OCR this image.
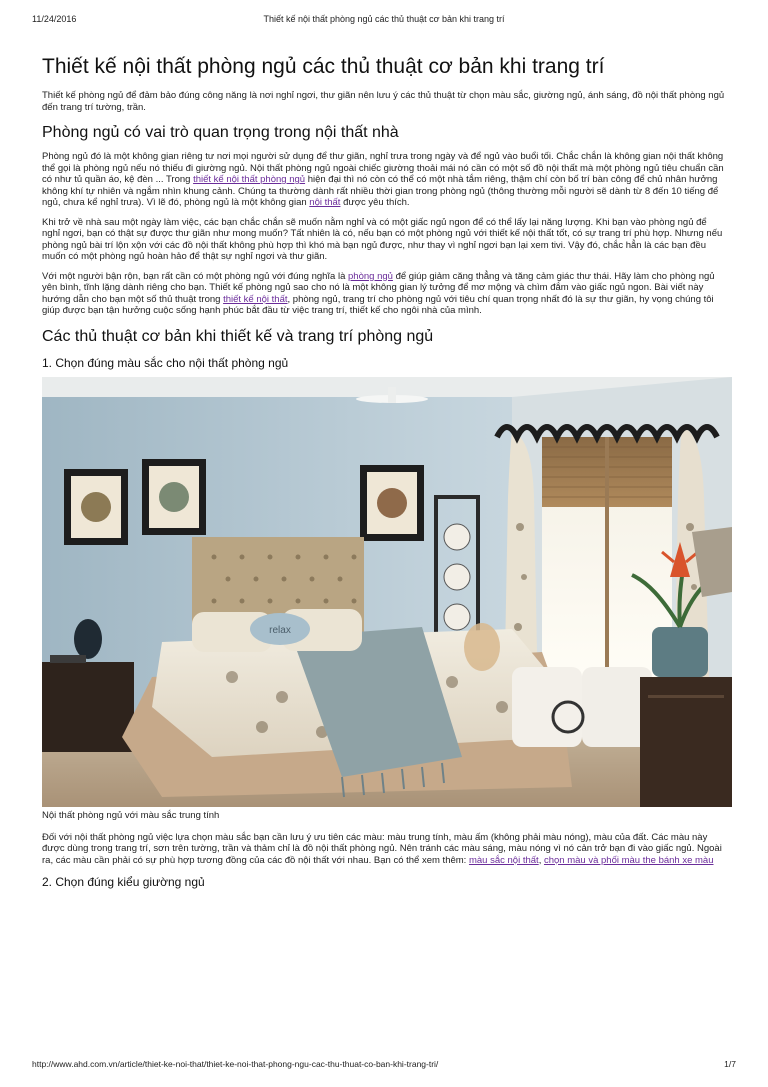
11/24/2016	Thiết kế nội thất phòng ngủ các thủ thuật cơ bản khi trang trí
Thiết kế nội thất phòng ngủ các thủ thuật cơ bản khi trang trí

Thiết kế phòng ngủ để đảm bảo đúng công năng là nơi nghỉ ngơi, thư giãn nên lưu ý các thủ thuật từ chọn màu sắc, giường ngủ, ánh sáng, đồ nội thất phòng ngủ đến trang trí tường, trần.

Phòng ngủ có vai trò quan trọng trong nội thất nhà

Phòng ngủ đó là một không gian riêng tư nơi mọi người sử dụng để thư giãn, nghỉ trưa trong ngày và để ngủ vào buổi tối. Chắc chắn là không gian nội thất không thể gọi là phòng ngủ nếu nó thiếu đi giường ngủ. Nội thất phòng ngủ ngoài chiếc giường thoải mái nó cần có một số đồ nội thất mà một phòng ngủ tiêu chuẩn cần có như tủ quần áo, kệ đèn ... Trong thiết kế nội thất phòng ngủ hiện đại thì nó còn có thể có một nhà tắm riêng, thậm chí còn bố trí bàn công để chủ nhân hưởng không khí tự nhiên và ngắm nhìn khung cảnh. Chúng ta thường dành rất nhiều thời gian trong phòng ngủ (thông thường mỗi người sẽ dành từ 8 đến 10 tiếng để ngủ, chưa kể nghỉ trưa). Vì lẽ đó, phòng ngủ là một không gian nội thất được yêu thích.

Khi trở về nhà sau một ngày làm việc, các bạn chắc chắn sẽ muốn nằm nghỉ và có một giấc ngủ ngon để có thể lấy lại năng lượng. Khi bạn vào phòng ngủ để nghỉ ngơi, bạn có thật sự được thư giãn như mong muốn? Tất nhiên là có, nếu bạn có một phòng ngủ với thiết kế nội thất tốt, có sự trang trí phù hợp. Nhưng nếu phòng ngủ bài trí lộn xộn với các đồ nội thất không phù hợp thì khó mà bạn ngủ được, như thay vì nghỉ ngơi bạn lại xem tivi. Vậy đó, chắc hẳn là các bạn đều muốn có một phòng ngủ hoàn hảo để thật sự nghỉ ngơi và thư giãn.

Với một người bận rộn, bạn rất cần có một phòng ngủ với đúng nghĩa là phòng ngủ để giúp giảm căng thẳng và tăng cảm giác thư thái. Hãy làm cho phòng ngủ yên bình, tĩnh lặng dành riêng cho bạn. Thiết kế phòng ngủ sao cho nó là một không gian lý tưởng để mơ mộng và chìm đắm vào giấc ngủ ngon. Bài viết này hướng dẫn cho bạn một số thủ thuật trong thiết kế nội thất, phòng ngủ, trang trí cho phòng ngủ với tiêu chí quan trọng nhất đó là sự thư giãn, hy vọng chúng tôi giúp được bạn tận hưởng cuộc sống hạnh phúc bắt đầu từ việc trang trí, thiết kế cho ngôi nhà của mình.

Các thủ thuật cơ bản khi thiết kế và trang trí phòng ngủ
1. Chọn đúng màu sắc cho nội thất phòng ngủ
relax

Nội thất phòng ngủ với màu sắc trung tính

Đối với nội thất phòng ngủ việc lựa chọn màu sắc bạn cần lưu ý ưu tiên các màu: màu trung tính, màu ấm (không phải màu nóng), màu của đất. Các màu này được dùng trong trang trí, sơn trên tường, trần và thảm chỉ là đồ nội thất phòng ngủ. Nên tránh các màu sáng, màu nóng vì nó cản trở bạn đi vào giấc ngủ. Ngoài ra, các màu cần phải có sự phù hợp tương đồng của các đồ nội thất với nhau. Bạn có thể xem thêm: màu sắc nội thất, chọn màu và phối màu the bánh xe màu

2. Chọn đúng kiểu giường ngủ
http://www.ahd.com.vn/article/thiet-ke-noi-that/thiet-ke-noi-that-phong-ngu-cac-thu-thuat-co-ban-khi-trang-tri/	1/7
